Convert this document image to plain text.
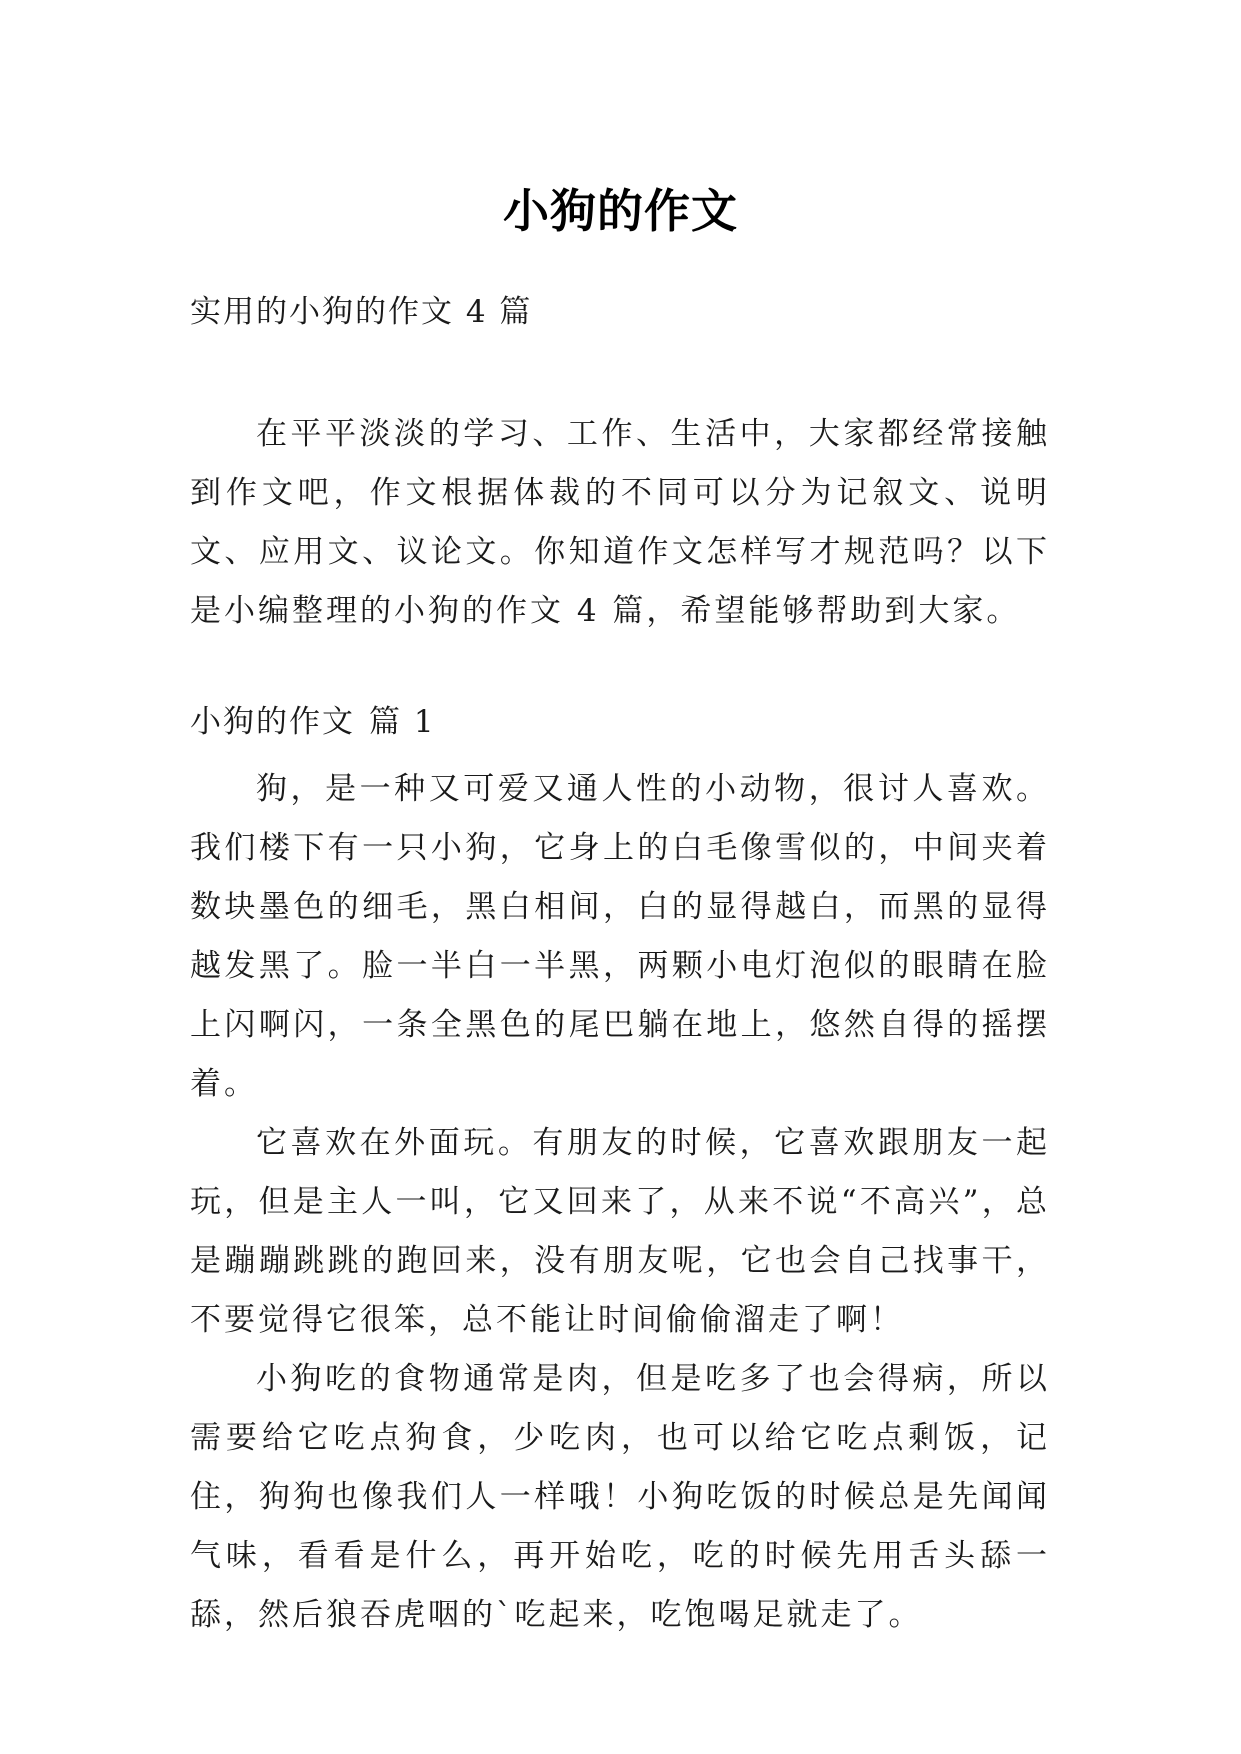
小狗的作文
实用的小狗的作文 4 篇

在平平淡淡的学习、工作、生活中，大家都经常接触到作文吧，作文根据体裁的不同可以分为记叙文、说明文、应用文、议论文。你知道作文怎样写才规范吗？以下是小编整理的小狗的作文 4 篇，希望能够帮助到大家。

小狗的作文 篇 1

狗，是一种又可爱又通人性的小动物，很讨人喜欢。我们楼下有一只小狗，它身上的白毛像雪似的，中间夹着数块墨色的细毛，黑白相间，白的显得越白，而黑的显得越发黑了。脸一半白一半黑，两颗小电灯泡似的眼睛在脸上闪啊闪，一条全黑色的尾巴躺在地上，悠然自得的摇摆着。

它喜欢在外面玩。有朋友的时候，它喜欢跟朋友一起玩，但是主人一叫，它又回来了，从来不说“不高兴”，总是蹦蹦跳跳的跑回来，没有朋友呢，它也会自己找事干，不要觉得它很笨，总不能让时间偷偷溜走了啊！

小狗吃的食物通常是肉，但是吃多了也会得病，所以需要给它吃点狗食，少吃肉，也可以给它吃点剩饭，记住，狗狗也像我们人一样哦！小狗吃饭的时候总是先闻闻气味，看看是什么，再开始吃，吃的时候先用舌头舔一舔，然后狼吞虎咽的`吃起来，吃饱喝足就走了。
